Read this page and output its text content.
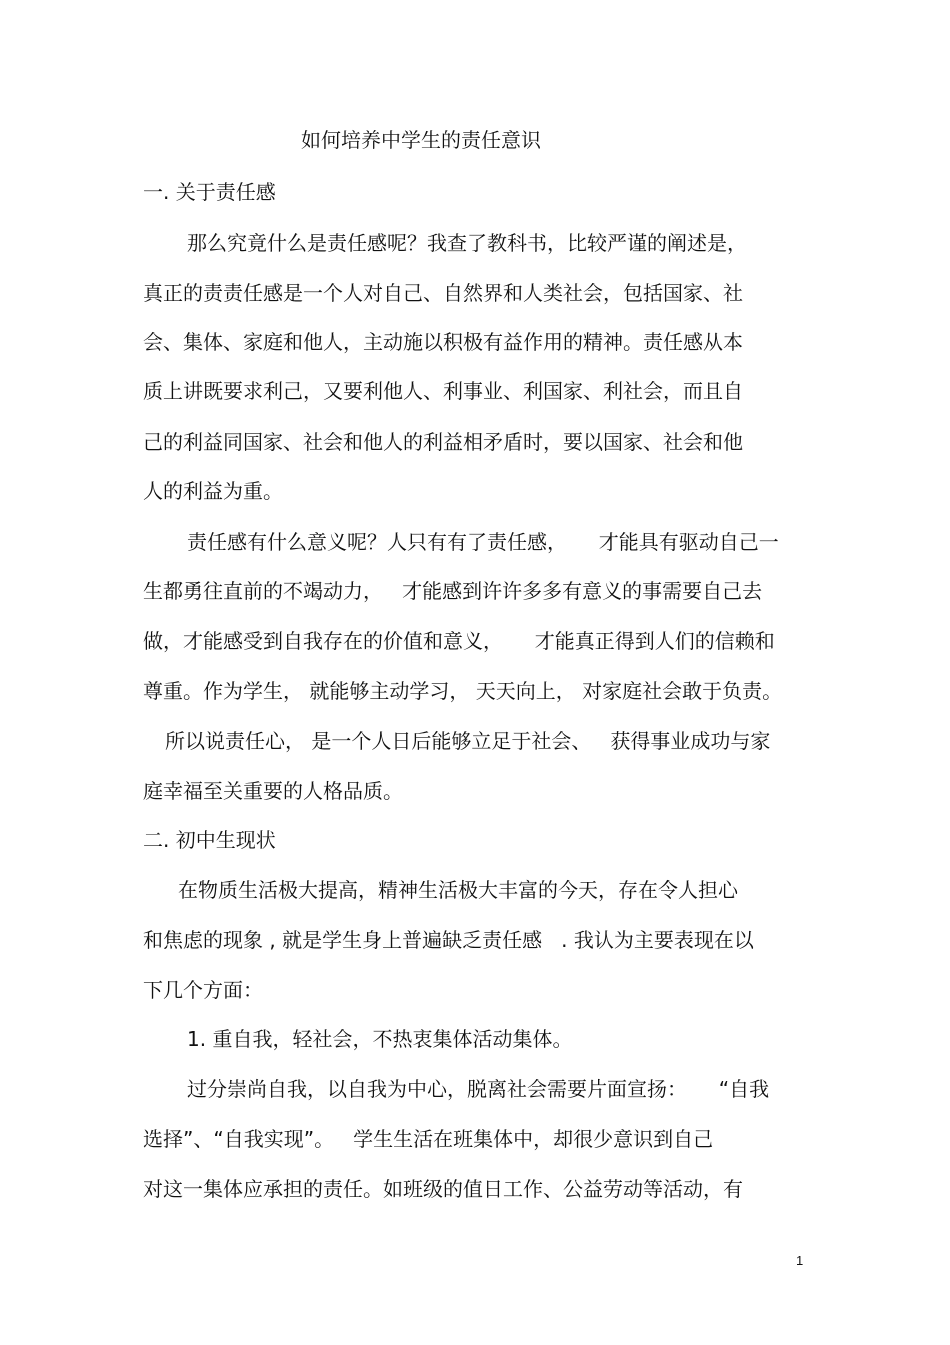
如何培养中学生的责任意识
一. 关于责任感
那么究竟什么是责任感呢？我查了教科书，比较严谨的阐述是，
真正的责责任感是一个人对自己、自然界和人类社会，包括国家、社
会、集体、家庭和他人，主动施以积极有益作用的精神。责任感从本
质上讲既要求利己，又要利他人、利事业、利国家、利社会，而且自
己的利益同国家、社会和他人的利益相矛盾时，要以国家、社会和他
人的利益为重。
责任感有什么意义呢？人只有有了责任感，     才能具有驱动自己一
生都勇往直前的不竭动力，   才能感到许许多多有意义的事需要自己去
做，才能感受到自我存在的价值和意义，     才能真正得到人们的信赖和
尊重。作为学生， 就能够主动学习， 天天向上， 对家庭社会敢于负责。
所以说责任心， 是一个人日后能够立足于社会、   获得事业成功与家
庭幸福至关重要的人格品质。
二. 初中生现状
在物质生活极大提高，精神生活极大丰富的今天，存在令人担心
和焦虑的现象 , 就是学生身上普遍缺乏责任感   . 我认为主要表现在以
下几个方面：
1. 重自我，轻社会，不热衷集体活动集体。
过分崇尚自我，以自我为中心，脱离社会需要片面宣扬：     “自我
选择”、“自我实现”。   学生生活在班集体中，却很少意识到自己
对这一集体应承担的责任。如班级的值日工作、公益劳动等活动，有
1
